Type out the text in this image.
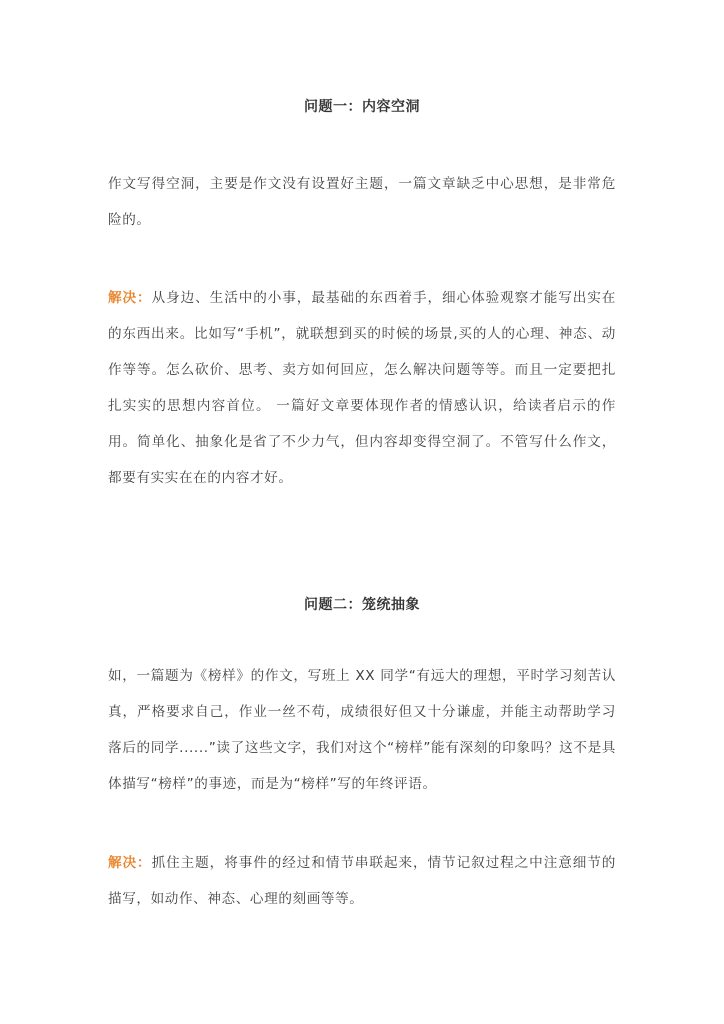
问题一：内容空洞

作文写得空洞，主要是作文没有设置好主题，一篇文章缺乏中心思想，是非常危险的。

解决：从身边、生活中的小事，最基础的东西着手，细心体验观察才能写出实在的东西出来。比如写“手机”，就联想到买的时候的场景,买的人的心理、神态、动作等等。怎么砍价、思考、卖方如何回应，怎么解决问题等等。而且一定要把扎扎实实的思想内容首位。 一篇好文章要体现作者的情感认识，给读者启示的作用。简单化、抽象化是省了不少力气，但内容却变得空洞了。不管写什么作文，都要有实实在在的内容才好。

问题二：笼统抽象

如，一篇题为《榜样》的作文，写班上 XX 同学“有远大的理想，平时学习刻苦认真，严格要求自己，作业一丝不苟，成绩很好但又十分谦虚，并能主动帮助学习落后的同学......”读了这些文字，我们对这个“榜样”能有深刻的印象吗？这不是具体描写“榜样”的事迹，而是为“榜样”写的年终评语。

解决：抓住主题，将事件的经过和情节串联起来，情节记叙过程之中注意细节的描写，如动作、神态、心理的刻画等等。
